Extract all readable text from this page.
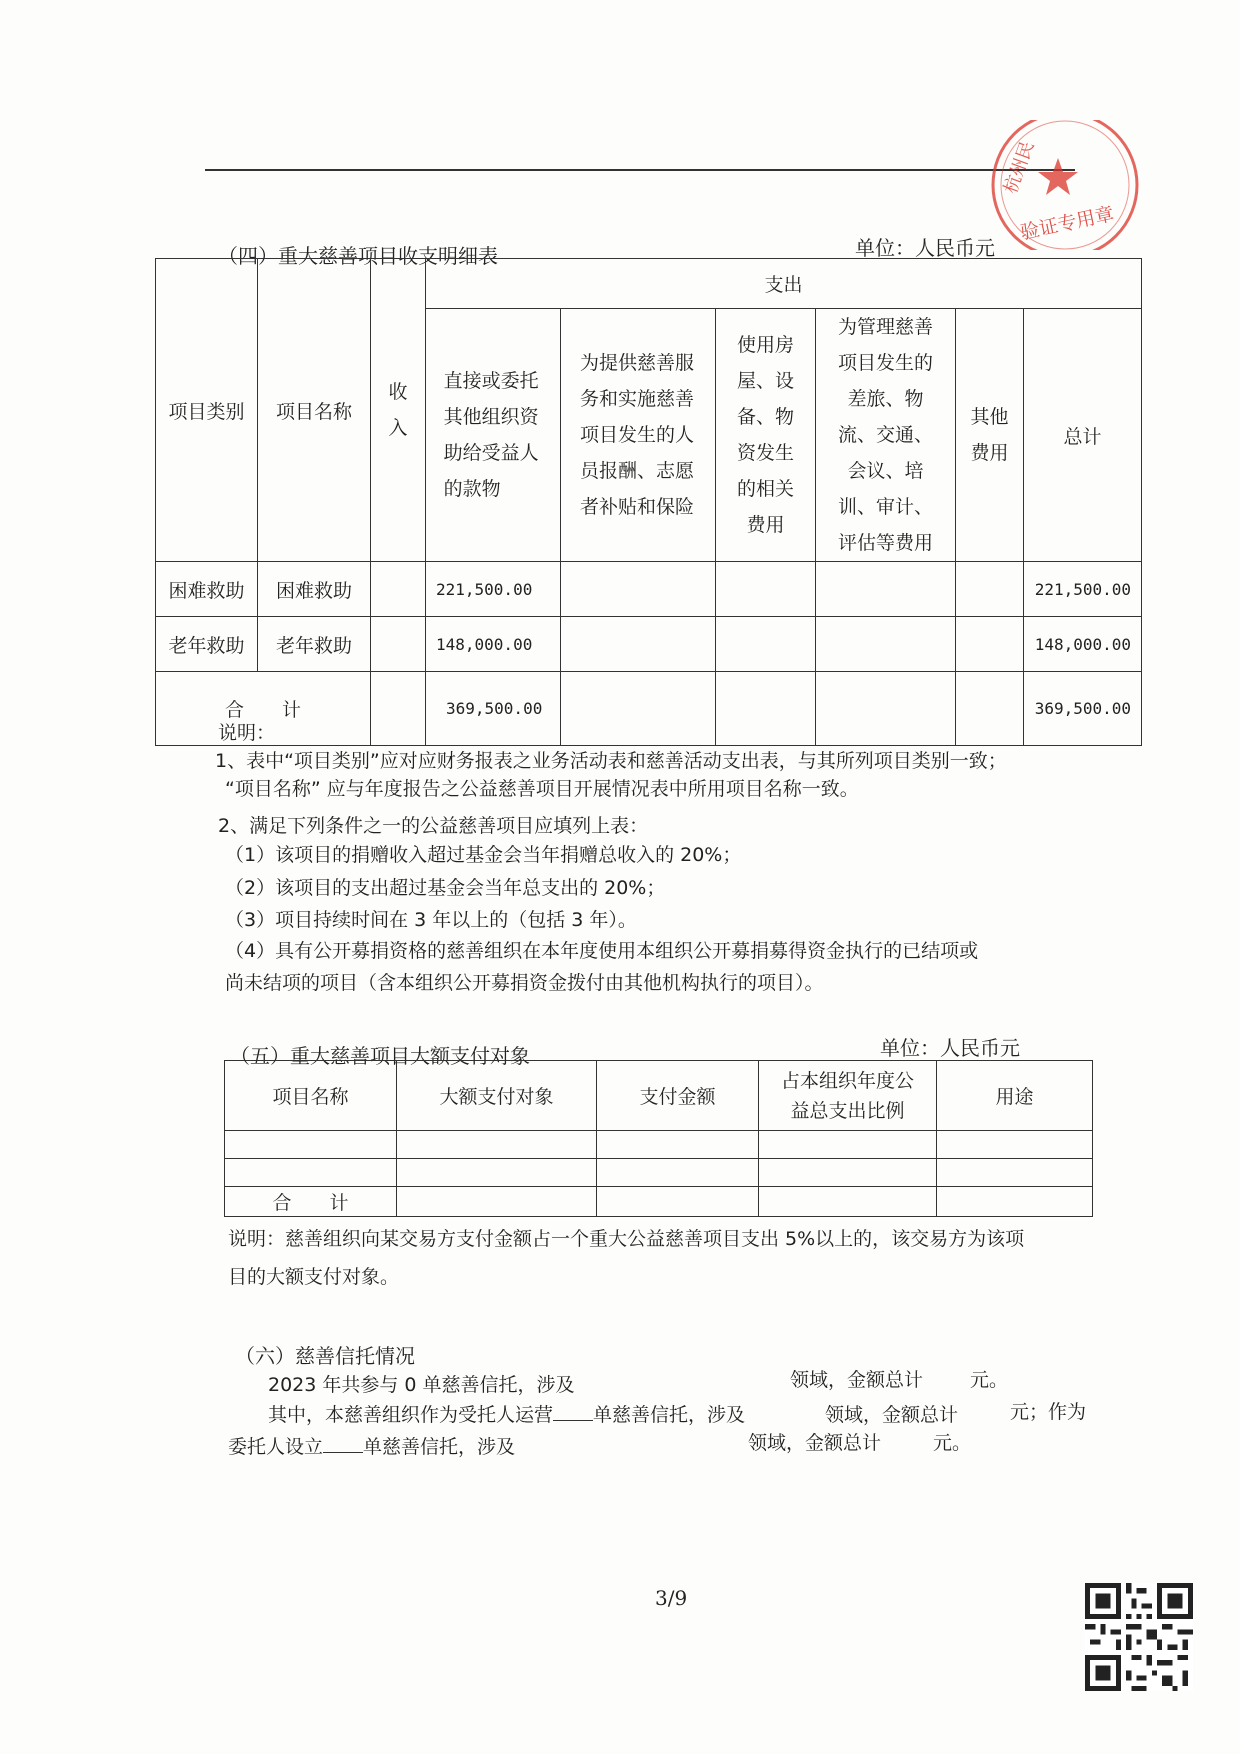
杭州民
验证专用章
（四）重大慈善项目收支明细表	单位：人民币元
项目类别	项目名称	收入	支出					

			直接或委托其他组织资助给受益人的款物	为提供慈善服务和实施慈善项目发生的人员报酬、志愿者补贴和保险	使用房屋、设备、物资发生的相关费用	为管理慈善项目发生的差旅、物流、交通、会议、培训、审计、评估等费用	其他费用	总计
困难救助	困难救助		221,500.00					221,500.00
老年救助	老年救助		148,000.00					148,000.00
合　　计			369,500.00					369,500.00
说明：
1、表中“项目类别”应对应财务报表之业务活动表和慈善活动支出表，与其所列项目类别一致；
“项目名称” 应与年度报告之公益慈善项目开展情况表中所用项目名称一致。
2、满足下列条件之一的公益慈善项目应填列上表：
（1）该项目的捐赠收入超过基金会当年捐赠总收入的 20%；
（2）该项目的支出超过基金会当年总支出的 20%；
（3）项目持续时间在 3 年以上的（包括 3 年）。
（4）具有公开募捐资格的慈善组织在本年度使用本组织公开募捐募得资金执行的已结项或
尚未结项的项目（含本组织公开募捐资金拨付由其他机构执行的项目）。
（五）重大慈善项目大额支付对象	单位：人民币元
项目名称	大额支付对象	支付金额	占本组织年度公益总支出比例	用途

合　　计				
说明：慈善组织向某交易方支付金额占一个重大公益慈善项目支出 5%以上的，该交易方为该项
目的大额支付对象。
（六）慈善信托情况
2023 年共参与 0 单慈善信托，涉及	领域，金额总计 元。
其中，本慈善组织作为受托人运营 单慈善信托，涉及	领域，金额总计	元；作为
委托人设立 单慈善信托，涉及	领域，金额总计	元。
3/9
